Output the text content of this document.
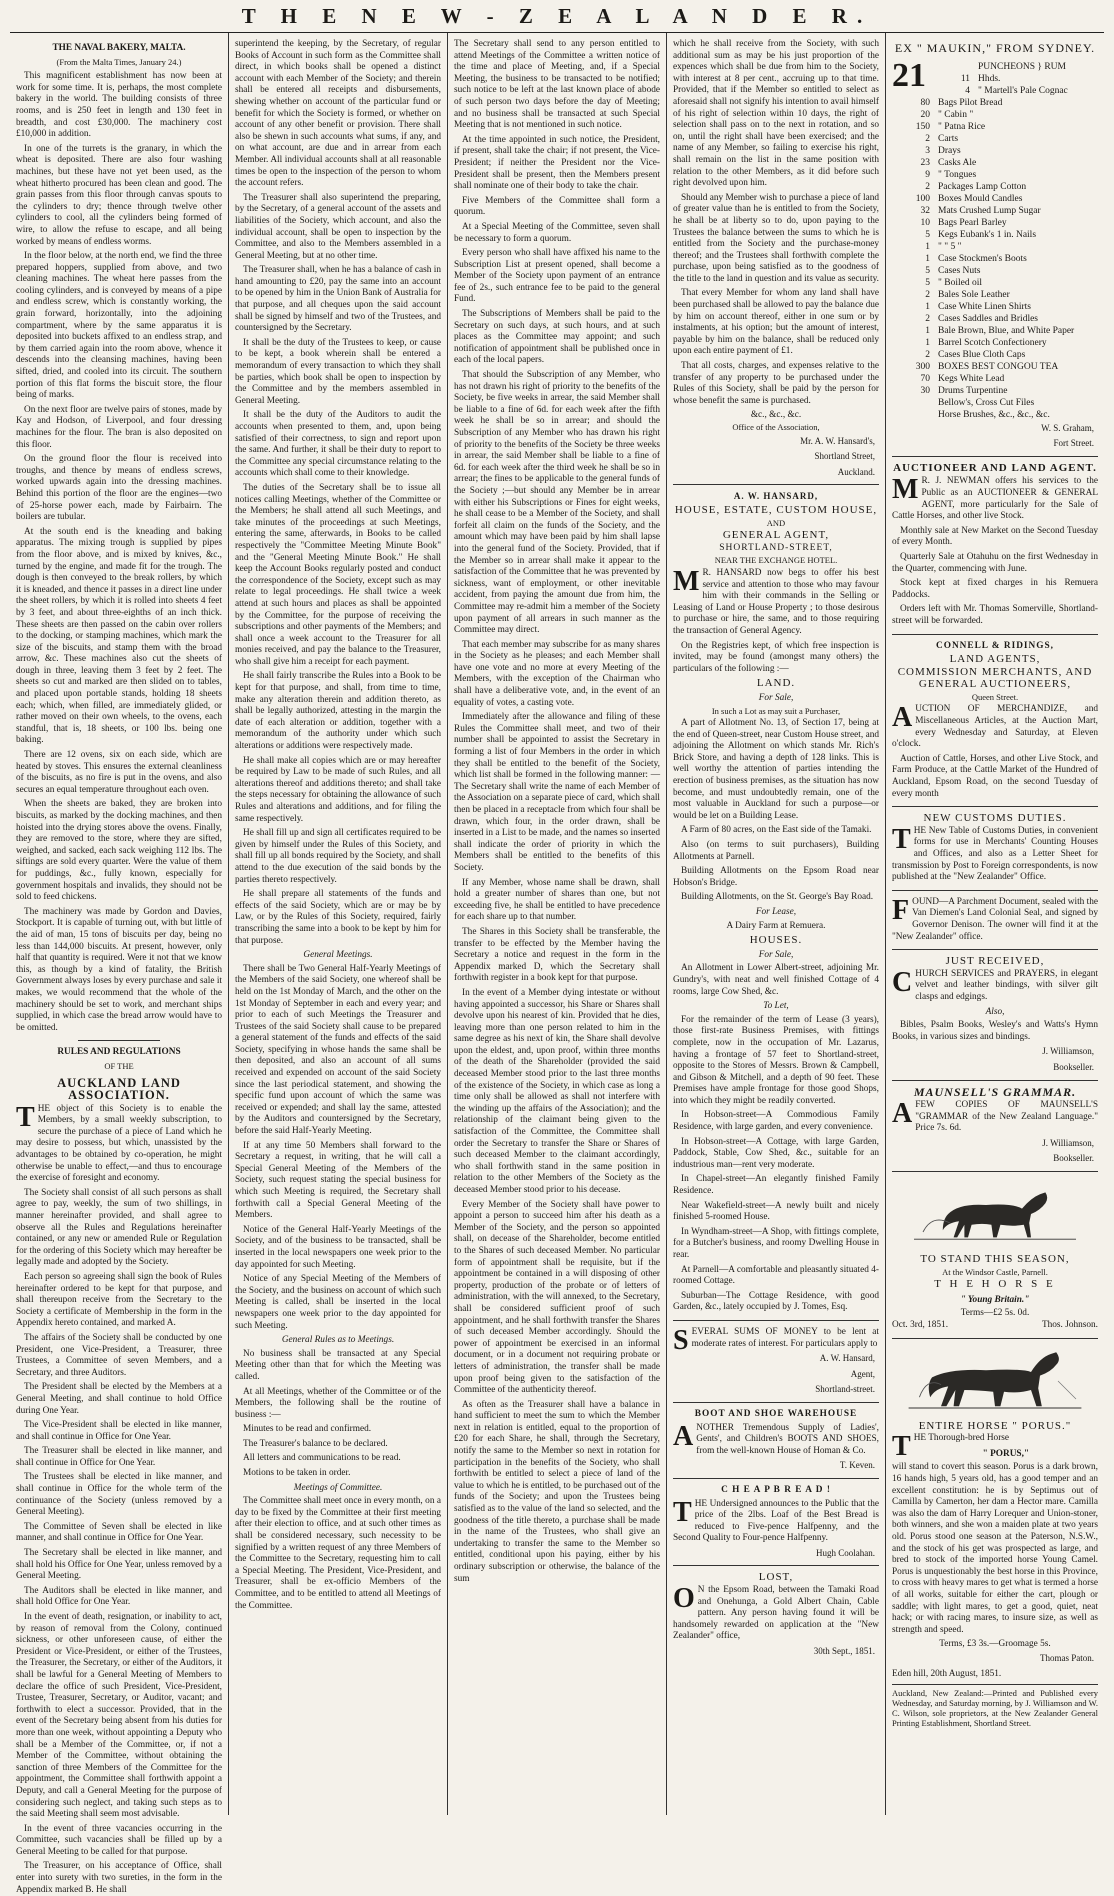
T H E N E W - Z E A L A N D E R.
THE NAVAL BAKERY, MALTA.
(From the Malta Times, January 24.)

This magnificent establishment has now been at work for some time. It is, perhaps, the most complete bakery in the world. The building consists of three rooms, and is 250 feet in length and 130 feet in breadth, and cost £30,000. The machinery cost £10,000 in addition.

In one of the turrets is the granary, in which the wheat is deposited. There are also four washing machines, but these have not yet been used, as the wheat hitherto procured has been clean and good. The grain passes from this floor through canvas spouts to the cylinders to dry; thence through twelve other cylinders to cool, all the cylinders being formed of wire, to allow the refuse to escape, and all being worked by means of endless worms.

In the floor below, at the north end, we find the three prepared hoppers, supplied from above, and two cleaning machines. The wheat here passes from the cooling cylinders, and is conveyed by means of a pipe and endless screw, which is constantly working, the grain forward, horizontally, into the adjoining compartment, where by the same apparatus it is deposited into buckets affixed to an endless strap, and by them carried again into the room above, whence it descends into the cleansing machines, having been sifted, dried, and cooled into its circuit. The southern portion of this flat forms the biscuit store, the flour being of marks.

On the next floor are twelve pairs of stones, made by Kay and Hodson, of Liverpool, and four dressing machines for the flour. The bran is also deposited on this floor.

On the ground floor the flour is received into troughs, and thence by means of endless screws, worked upwards again into the dressing machines. Behind this portion of the floor are the engines—two of 25-horse power each, made by Fairbairn. The boilers are tubular.

At the south end is the kneading and baking apparatus. The mixing trough is supplied by pipes from the floor above, and is mixed by knives, &c., turned by the engine, and made fit for the trough. The dough is then conveyed to the break rollers, by which it is kneaded, and thence it passes in a direct line under the sheet rollers, by which it is rolled into sheets 4 feet by 3 feet, and about three-eighths of an inch thick. These sheets are then passed on the cabin over rollers to the docking, or stamping machines, which mark the size of the biscuits, and stamp them with the broad arrow, &c. These machines also cut the sheets of dough in three, leaving them 3 feet by 2 feet. The sheets so cut and marked are then slided on to tables, and placed upon portable stands, holding 18 sheets each; which, when filled, are immediately glided, or rather moved on their own wheels, to the ovens, each standful, that is, 18 sheets, or 100 lbs. being one baking.

There are 12 ovens, six on each side, which are heated by stoves. This ensures the external cleanliness of the biscuits, as no fire is put in the ovens, and also secures an equal temperature throughout each oven.

When the sheets are baked, they are broken into biscuits, as marked by the docking machines, and then hoisted into the drying stores above the ovens. Finally, they are removed to the store, where they are sifted, weighed, and sacked, each sack weighing 112 lbs. The siftings are sold every quarter. Were the value of them for puddings, &c., fully known, especially for government hospitals and invalids, they should not be sold to feed chickens.

The machinery was made by Gordon and Davies, Stockport. It is capable of turning out, with but little of the aid of man, 15 tons of biscuits per day, being no less than 144,000 biscuits. At present, however, only half that quantity is required. Were it not that we know this, as though by a kind of fatality, the British Government always loses by every purchase and sale it makes, we would recommend that the whole of the machinery should be set to work, and merchant ships supplied, in which case the bread arrow would have to be omitted.

RULES AND REGULATIONS
OF THE
AUCKLAND LAND ASSOCIATION.

THE object of this Society is to enable the Members, by a small weekly subscription, to secure the purchase of a piece of Land which he may desire to possess, but which, unassisted by the advantages to be obtained by co-operation, he might otherwise be unable to effect,—and thus to encourage the exercise of foresight and economy.

The Society shall consist of all such persons as shall agree to pay, weekly, the sum of two shillings, in manner hereinafter provided, and shall agree to observe all the Rules and Regulations hereinafter contained, or any new or amended Rule or Regulation for the ordering of this Society which may hereafter be legally made and adopted by the Society.

Each person so agreeing shall sign the book of Rules hereinafter ordered to be kept for that purpose, and shall thereupon receive from the Secretary to the Society a certificate of Membership in the form in the Appendix hereto contained, and marked A.

The affairs of the Society shall be conducted by one President, one Vice-President, a Treasurer, three Trustees, a Committee of seven Members, and a Secretary, and three Auditors.

The President shall be elected by the Members at a General Meeting, and shall continue to hold Office during One Year.

The Vice-President shall be elected in like manner, and shall continue in Office for One Year.

The Treasurer shall be elected in like manner, and shall continue in Office for One Year.

The Trustees shall be elected in like manner, and shall continue in Office for the whole term of the continuance of the Society (unless removed by a General Meeting).

The Committee of Seven shall be elected in like manner, and shall continue in Office for One Year.

The Secretary shall be elected in like manner, and shall hold his Office for One Year, unless removed by a General Meeting.

The Auditors shall be elected in like manner, and shall hold Office for One Year.

In the event of death, resignation, or inability to act, by reason of removal from the Colony, continued sickness, or other unforeseen cause, of either the President or Vice-President, or either of the Trustees, the Treasurer, the Secretary, or either of the Auditors, it shall be lawful for a General Meeting of Members to declare the office of such President, Vice-President, Trustee, Treasurer, Secretary, or Auditor, vacant; and forthwith to elect a successor. Provided, that in the event of the Secretary being absent from his duties for more than one week, without appointing a Deputy who shall be a Member of the Committee, or, if not a Member of the Committee, without obtaining the sanction of three Members of the Committee for the appointment, the Committee shall forthwith appoint a Deputy, and call a General Meeting for the purpose of considering such neglect, and taking such steps as to the said Meeting shall seem most advisable.

In the event of three vacancies occurring in the Committee, such vacancies shall be filled up by a General Meeting to be called for that purpose.

The Treasurer, on his acceptance of Office, shall enter into surety with two sureties, in the form in the Appendix marked B. He shall

superintend the keeping, by the Secretary, of regular Books of Account in such form as the Committee shall direct, in which books shall be opened a distinct account with each Member of the Society; and therein shall be entered all receipts and disbursements, shewing whether on account of the particular fund or benefit for which the Society is formed, or whether on account of any other benefit or provision. There shall also be shewn in such accounts what sums, if any, and on what account, are due and in arrear from each Member. All individual accounts shall at all reasonable times be open to the inspection of the person to whom the account refers.

The Treasurer shall also superintend the preparing, by the Secretary, of a general account of the assets and liabilities of the Society, which account, and also the individual account, shall be open to inspection by the Committee, and also to the Members assembled in a General Meeting, but at no other time.

The Treasurer shall, when he has a balance of cash in hand amounting to £20, pay the same into an account to be opened by him in the Union Bank of Australia for that purpose, and all cheques upon the said account shall be signed by himself and two of the Trustees, and countersigned by the Secretary.

It shall be the duty of the Trustees to keep, or cause to be kept, a book wherein shall be entered a memorandum of every transaction to which they shall be parties, which book shall be open to inspection by the Committee and by the members assembled in General Meeting.

It shall be the duty of the Auditors to audit the accounts when presented to them, and, upon being satisfied of their correctness, to sign and report upon the same. And further, it shall be their duty to report to the Committee any special circumstance relating to the accounts which shall come to their knowledge.

The duties of the Secretary shall be to issue all notices calling Meetings, whether of the Committee or the Members; he shall attend all such Meetings, and take minutes of the proceedings at such Meetings, entering the same, afterwards, in Books to be called respectively the "Committee Meeting Minute Book" and the "General Meeting Minute Book." He shall keep the Account Books regularly posted and conduct the correspondence of the Society, except such as may relate to legal proceedings. He shall twice a week attend at such hours and places as shall be appointed by the Committee, for the purpose of receiving the subscriptions and other payments of the Members; and shall once a week account to the Treasurer for all monies received, and pay the balance to the Treasurer, who shall give him a receipt for each payment.

He shall fairly transcribe the Rules into a Book to be kept for that purpose, and shall, from time to time, make any alteration therein and addition thereto, as shall be legally authorized, attesting in the margin the date of each alteration or addition, together with a memorandum of the authority under which such alterations or additions were respectively made.

He shall make all copies which are or may hereafter be required by Law to be made of such Rules, and all alterations thereof and additions thereto; and shall take the steps necessary for obtaining the allowance of such Rules and alterations and additions, and for filing the same respectively.

He shall fill up and sign all certificates required to be given by himself under the Rules of this Society, and shall fill up all bonds required by the Society, and shall attend to the due execution of the said bonds by the parties thereto respectively.

He shall prepare all statements of the funds and effects of the said Society, which are or may be by Law, or by the Rules of this Society, required, fairly transcribing the same into a book to be kept by him for that purpose.

General Meetings.

There shall be Two General Half-Yearly Meetings of the Members of the said Society, one whereof shall be held on the 1st Monday of March, and the other on the 1st Monday of September in each and every year; and prior to each of such Meetings the Treasurer and Trustees of the said Society shall cause to be prepared a general statement of the funds and effects of the said Society, specifying in whose hands the same shall be then deposited, and also an account of all sums received and expended on account of the said Society since the last periodical statement, and showing the specific fund upon account of which the same was received or expended; and shall lay the same, attested by the Auditors and countersigned by the Secretary, before the said Half-Yearly Meeting.

If at any time 50 Members shall forward to the Secretary a request, in writing, that he will call a Special General Meeting of the Members of the Society, such request stating the special business for which such Meeting is required, the Secretary shall forthwith call a Special General Meeting of the Members.

Notice of the General Half-Yearly Meetings of the Society, and of the business to be transacted, shall be inserted in the local newspapers one week prior to the day appointed for such Meeting.

Notice of any Special Meeting of the Members of the Society, and the business on account of which such Meeting is called, shall be inserted in the local newspapers one week prior to the day appointed for such Meeting.

General Rules as to Meetings.

No business shall be transacted at any Special Meeting other than that for which the Meeting was called.

At all Meetings, whether of the Committee or of the Members, the following shall be the routine of business :—

Minutes to be read and confirmed.

The Treasurer's balance to be declared.

All letters and communications to be read.

Motions to be taken in order.

Meetings of Committee.

The Committee shall meet once in every month, on a day to be fixed by the Committee at their first meeting after their election to office, and at such other times as shall be considered necessary, such necessity to be signified by a written request of any three Members of the Committee to the Secretary, requesting him to call a Special Meeting. The President, Vice-President, and Treasurer, shall be ex-officio Members of the Committee, and to be entitled to attend all Meetings of the Committee.

The Secretary shall send to any person entitled to attend Meetings of the Committee a written notice of the time and place of Meeting, and, if a Special Meeting, the business to be transacted to be notified; such notice to be left at the last known place of abode of such person two days before the day of Meeting; and no business shall be transacted at such Special Meeting that is not mentioned in such notice.

At the time appointed in such notice, the President, if present, shall take the chair; if not present, the Vice-President; if neither the President nor the Vice-President shall be present, then the Members present shall nominate one of their body to take the chair.

Five Members of the Committee shall form a quorum.

At a Special Meeting of the Committee, seven shall be necessary to form a quorum.

Every person who shall have affixed his name to the Subscription List at present opened, shall become a Member of the Society upon payment of an entrance fee of 2s., such entrance fee to be paid to the general Fund.

The Subscriptions of Members shall be paid to the Secretary on such days, at such hours, and at such places as the Committee may appoint; and such notification of appointment shall be published once in each of the local papers.

That should the Subscription of any Member, who has not drawn his right of priority to the benefits of the Society, be five weeks in arrear, the said Member shall be liable to a fine of 6d. for each week after the fifth week he shall be so in arrear; and should the Subscription of any Member who has drawn his right of priority to the benefits of the Society be three weeks in arrear, the said Member shall be liable to a fine of 6d. for each week after the third week he shall be so in arrear; the fines to be applicable to the general funds of the Society ;—but should any Member be in arrear with either his Subscriptions or Fines for eight weeks, he shall cease to be a Member of the Society, and shall forfeit all claim on the funds of the Society, and the amount which may have been paid by him shall lapse into the general fund of the Society. Provided, that if the Member so in arrear shall make it appear to the satisfaction of the Committee that he was prevented by sickness, want of employment, or other inevitable accident, from paying the amount due from him, the Committee may re-admit him a member of the Society upon payment of all arrears in such manner as the Committee may direct.

That each member may subscribe for as many shares in the Society as he pleases; and each Member shall have one vote and no more at every Meeting of the Members, with the exception of the Chairman who shall have a deliberative vote, and, in the event of an equality of votes, a casting vote.

Immediately after the allowance and filing of these Rules the Committee shall meet, and two of their number shall be appointed to assist the Secretary in forming a list of four Members in the order in which they shall be entitled to the benefit of the Society, which list shall be formed in the following manner: —The Secretary shall write the name of each Member of the Association on a separate piece of card, which shall then be placed in a receptacle from which four shall be drawn, which four, in the order drawn, shall be inserted in a List to be made, and the names so inserted shall indicate the order of priority in which the Members shall be entitled to the benefits of this Society.

If any Member, whose name shall be drawn, shall hold a greater number of shares than one, but not exceeding five, he shall be entitled to have precedence for each share up to that number.

The Shares in this Society shall be transferable, the transfer to be effected by the Member having the Secretary a notice and request in the form in the Appendix marked D, which the Secretary shall forthwith register in a book kept for that purpose.

In the event of a Member dying intestate or without having appointed a successor, his Share or Shares shall devolve upon his nearest of kin. Provided that he dies, leaving more than one person related to him in the same degree as his next of kin, the Share shall devolve upon the eldest, and, upon proof, within three months of the death of the Shareholder (provided the said deceased Member stood prior to the last three months of the existence of the Society, in which case as long a time only shall be allowed as shall not interfere with the winding up the affairs of the Association); and the relationship of the claimant being given to the satisfaction of the Committee, the Committee shall order the Secretary to transfer the Share or Shares of such deceased Member to the claimant accordingly, who shall forthwith stand in the same position in relation to the other Members of the Society as the deceased Member stood prior to his decease.

Every Member of the Society shall have power to appoint a person to succeed him after his death as a Member of the Society, and the person so appointed shall, on decease of the Shareholder, become entitled to the Shares of such deceased Member. No particular form of appointment shall be requisite, but if the appointment be contained in a will disposing of other property, production of the probate or of letters of administration, with the will annexed, to the Secretary, shall be considered sufficient proof of such appointment, and he shall forthwith transfer the Shares of such deceased Member accordingly. Should the power of appointment be exercised in an informal document, or in a document not requiring probate or letters of administration, the transfer shall be made upon proof being given to the satisfaction of the Committee of the authenticity thereof.

As often as the Treasurer shall have a balance in hand sufficient to meet the sum to which the Member next in relation is entitled, equal to the proportion of £20 for each Share, he shall, through the Secretary, notify the same to the Member so next in rotation for participation in the benefits of the Society, who shall forthwith be entitled to select a piece of land of the value to which he is entitled, to be purchased out of the funds of the Society; and upon the Trustees being satisfied as to the value of the land so selected, and the goodness of the title thereto, a purchase shall be made in the name of the Trustees, who shall give an undertaking to transfer the same to the Member so entitled, conditional upon his paying, either by his ordinary subscription or otherwise, the balance of the sum

which he shall receive from the Society, with such additional sum as may be his just proportion of the expences which shall be due from him to the Society, with interest at 8 per cent., accruing up to that time. Provided, that if the Member so entitled to select as aforesaid shall not signify his intention to avail himself of his right of selection within 10 days, the right of selection shall pass on to the next in rotation, and so on, until the right shall have been exercised; and the name of any Member, so failing to exercise his right, shall remain on the list in the same position with relation to the other Members, as it did before such right devolved upon him.

Should any Member wish to purchase a piece of land of greater value than he is entitled to from the Society, he shall be at liberty so to do, upon paying to the Trustees the balance between the sums to which he is entitled from the Society and the purchase-money thereof; and the Trustees shall forthwith complete the purchase, upon being satisfied as to the goodness of the title to the land in question and its value as security.

That every Member for whom any land shall have been purchased shall be allowed to pay the balance due by him on account thereof, either in one sum or by instalments, at his option; but the amount of interest, payable by him on the balance, shall be reduced only upon each entire payment of £1.

That all costs, charges, and expenses relative to the transfer of any property to be purchased under the Rules of this Society, shall be paid by the person for whose benefit the same is purchased.

&c., &c., &c.
Office of the Association,
Mr. A. W. Hansard's,
Shortland Street,
Auckland.
A. W. HANSARD,
HOUSE, ESTATE, CUSTOM HOUSE,
AND
GENERAL AGENT,
SHORTLAND-STREET,
NEAR THE EXCHANGE HOTEL.

M R. HANSARD now begs to offer his best service and attention to those who may favour him with their commands in the Selling or Leasing of Land or House Property ; to those desirous to purchase or hire, the same, and to those requiring the transaction of General Agency.

On the Registries kept, of which free inspection is invited, may be found (amongst many others) the particulars of the following :—

LAND.
For Sale,
In such a Lot as may suit a Purchaser,

A part of Allotment No. 13, of Section 17, being at the end of Queen-street, near Custom House street, and adjoining the Allotment on which stands Mr. Rich's Brick Store, and having a depth of 128 links. This is well worthy the attention of parties intending the erection of business premises, as the situation has now become, and must undoubtedly remain, one of the most valuable in Auckland for such a purpose—or would be let on a Building Lease.

A Farm of 80 acres, on the East side of the Tamaki.

Also (on terms to suit purchasers), Building Allotments at Parnell.

Building Allotments on the Epsom Road near Hobson's Bridge.

Building Allotments, on the St. George's Bay Road.

For Lease,

A Dairy Farm at Remuera.

HOUSES.
For Sale,

An Allotment in Lower Albert-street, adjoining Mr. Gundry's, with neat and well finished Cottage of 4 rooms, large Cow Shed, &c.

To Let,

For the remainder of the term of Lease (3 years), those first-rate Business Premises, with fittings complete, now in the occupation of Mr. Lazarus, having a frontage of 57 feet to Shortland-street, opposite to the Stores of Messrs. Brown & Campbell, and Gibson & Mitchell, and a depth of 90 feet. These Premises have ample frontage for those good Shops, into which they might be readily converted.

In Hobson-street—A Commodious Family Residence, with large garden, and every convenience.

In Hobson-street—A Cottage, with large Garden, Paddock, Stable, Cow Shed, &c., suitable for an industrious man—rent very moderate.

In Chapel-street—An elegantly finished Family Residence.

Near Wakefield-street—A newly built and nicely finished 5-roomed House.

In Wyndham-street—A Shop, with fittings complete, for a Butcher's business, and roomy Dwelling House in rear.

At Parnell—A comfortable and pleasantly situated 4-roomed Cottage.

Suburban—The Cottage Residence, with good Garden, &c., lately occupied by J. Tomes, Esq.

SEVERAL SUMS OF MONEY to be lent at moderate rates of interest. For particulars apply to

A. W. Hansard,
Agent,
Shortland-street.
BOOT AND SHOE WAREHOUSE

ANOTHER Tremendous Supply of Ladies', Gents', and Children's BOOTS AND SHOES, from the well-known House of Homan & Co.

T. Keven.
C H E A P B R E A D !

THE Undersigned announces to the Public that the price of the 2lbs. Loaf of the Best Bread is reduced to Five-pence Halfpenny, and the Second Quality to Four-pence Halfpenny.

Hugh Coolahan.
LOST,

O N the Epsom Road, between the Tamaki Road and Onehunga, a Gold Albert Chain, Cable pattern. Any person having found it will be handsomely rewarded on application at the "New Zealander" office,

30th Sept., 1851.
EX " MAUKIN," FROM SYDNEY.
21	PUNCHEONS } RUM
11 Hhds.
4 " Martell's Pale Cognac
80 Bags Pilot Bread
20 " Cabin "
150 " Patna Rice
2 Carts
3 Drays
23 Casks Ale
9 " Tongues
2 Packages Lamp Cotton
100 Boxes Mould Candles
32 Mats Crushed Lump Sugar
10 Bags Pearl Barley
5 Kegs Eubank's 1 in. Nails
1 " " 5 "
1 Case Stockmen's Boots
5 Cases Nuts
5 " Boiled oil
2 Bales Sole Leather
1 Case White Linen Shirts
2 Cases Saddles and Bridles
1 Bale Brown, Blue, and White Paper
1 Barrel Scotch Confectionery
2 Cases Blue Cloth Caps
300 BOXES BEST CONGOU TEA
70 Kegs White Lead
30 Drums Turpentine
Bellow's, Cross Cut Files
Horse Brushes, &c., &c., &c.
W. S. Graham,
Fort Street.
AUCTIONEER AND LAND AGENT.

M R. J. NEWMAN offers his services to the Public as an AUCTIONEER & GENERAL AGENT, more particularly for the Sale of Cattle Horses, and other live Stock.

Monthly sale at New Market on the Second Tuesday of every Month.

Quarterly Sale at Otahuhu on the first Wednesday in the Quarter, commencing with June.

Stock kept at fixed charges in his Remuera Paddocks.

Orders left with Mr. Thomas Somerville, Shortland-street will be forwarded.

CONNELL & RIDINGS,
LAND AGENTS,
COMMISSION MERCHANTS, AND
GENERAL AUCTIONEERS,
Queen Street.

AUCTION OF MERCHANDIZE, and Miscellaneous Articles, at the Auction Mart, every Wednesday and Saturday, at Eleven o'clock.

Auction of Cattle, Horses, and other Live Stock, and Farm Produce, at the Cattle Market of the Hundred of Auckland, Epsom Road, on the second Tuesday of every month

NEW CUSTOMS DUTIES.

THE New Table of Customs Duties, in convenient forms for use in Merchants' Counting Houses and Offices, and also as a Letter Sheet for transmission by Post to Foreign correspondents, is now published at the "New Zealander" Office.

FOUND—A Parchment Document, sealed with the Van Diemen's Land Colonial Seal, and signed by Governor Denison. The owner will find it at the "New Zealander" office.

JUST RECEIVED,

CHURCH SERVICES and PRAYERS, in elegant velvet and leather bindings, with silver gilt clasps and edgings.

Also,

Bibles, Psalm Books, Wesley's and Watts's Hymn Books, in various sizes and bindings.

J. Williamson,
Bookseller.
MAUNSELL'S GRAMMAR.

AFEW COPIES OF MAUNSELL'S "GRAMMAR of the New Zealand Language." Price 7s. 6d.

J. Williamson,
Bookseller.
TO STAND THIS SEASON,
At the Windsor Castle, Parnell.
T H E H O R S E
" Young Britain."
Terms—£2 5s. 0d.
Oct. 3rd, 1851.	Thos. Johnson.
ENTIRE HORSE " PORUS."

THE Thorough-bred Horse

" PORUS,"

will stand to covert this season. Porus is a dark brown, 16 hands high, 5 years old, has a good temper and an excellent constitution: he is by Septimus out of Camilla by Camerton, her dam a Hector mare. Camilla was also the dam of Harry Lorequer and Union-stoner, both winners, and she won a maiden plate at two years old. Porus stood one season at the Paterson, N.S.W., and the stock of his get was prospected as large, and bred to stock of the imported horse Young Camel. Porus is unquestionably the best horse in this Province, to cross with heavy mares to get what is termed a horse of all works, suitable for either the cart, plough or saddle; with light mares, to get a good, quiet, neat hack; or with racing mares, to insure size, as well as strength and speed.

Terms, £3 3s.—Groomage 5s.
Thomas Paton.
Eden hill, 20th August, 1851.
Auckland, New Zealand:—Printed and Published every Wednesday, and Saturday morning, by J. Williamson and W. C. Wilson, sole proprietors, at the New Zealander General Printing Establishment, Shortland Street.
